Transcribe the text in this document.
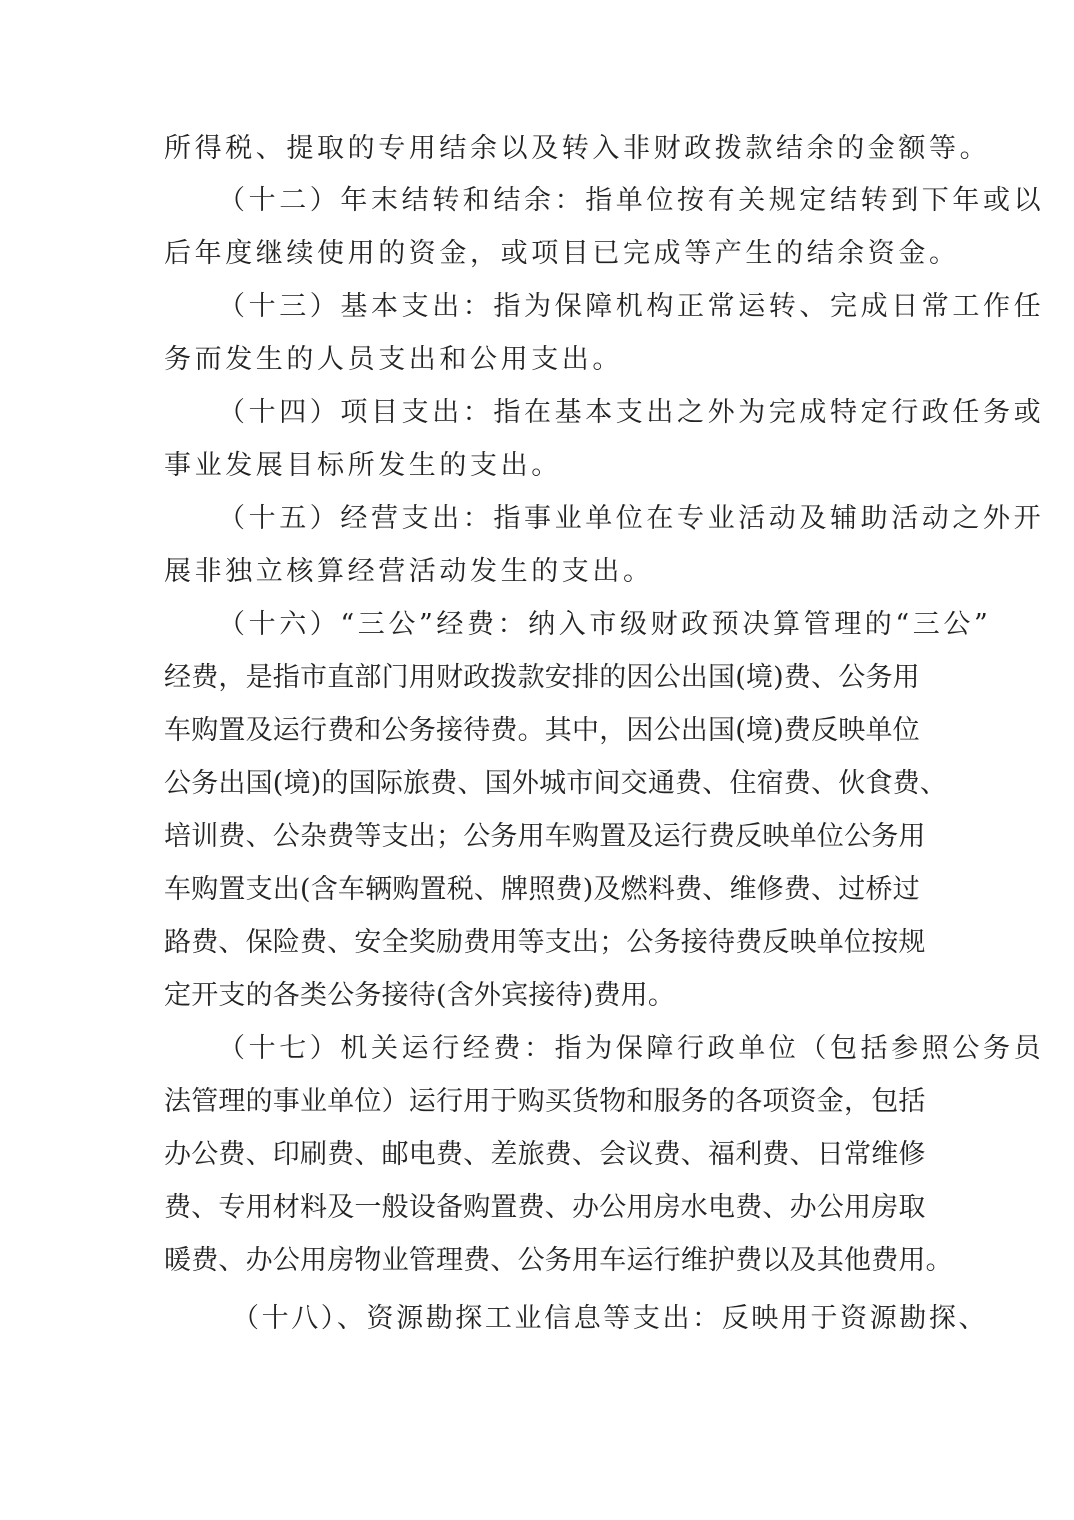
所得税、提取的专用结余以及转入非财政拨款结余的金额等。

（十二）年末结转和结余：指单位按有关规定结转到下年或以

后年度继续使用的资金，或项目已完成等产生的结余资金。

（十三）基本支出：指为保障机构正常运转、完成日常工作任

务而发生的人员支出和公用支出。

（十四）项目支出：指在基本支出之外为完成特定行政任务或

事业发展目标所发生的支出。

（十五）经营支出：指事业单位在专业活动及辅助活动之外开

展非独立核算经营活动发生的支出。

（十六）“三公”经费：纳入市级财政预决算管理的“三公”

经费，是指市直部门用财政拨款安排的因公出国(境)费、公务用

车购置及运行费和公务接待费。其中，因公出国(境)费反映单位

公务出国(境)的国际旅费、国外城市间交通费、住宿费、伙食费、

培训费、公杂费等支出；公务用车购置及运行费反映单位公务用

车购置支出(含车辆购置税、牌照费)及燃料费、维修费、过桥过

路费、保险费、安全奖励费用等支出；公务接待费反映单位按规

定开支的各类公务接待(含外宾接待)费用。

（十七）机关运行经费：指为保障行政单位（包括参照公务员

法管理的事业单位）运行用于购买货物和服务的各项资金，包括

办公费、印刷费、邮电费、差旅费、会议费、福利费、日常维修

费、专用材料及一般设备购置费、办公用房水电费、办公用房取

暖费、办公用房物业管理费、公务用车运行维护费以及其他费用。

（十八）、资源勘探工业信息等支出：反映用于资源勘探、
